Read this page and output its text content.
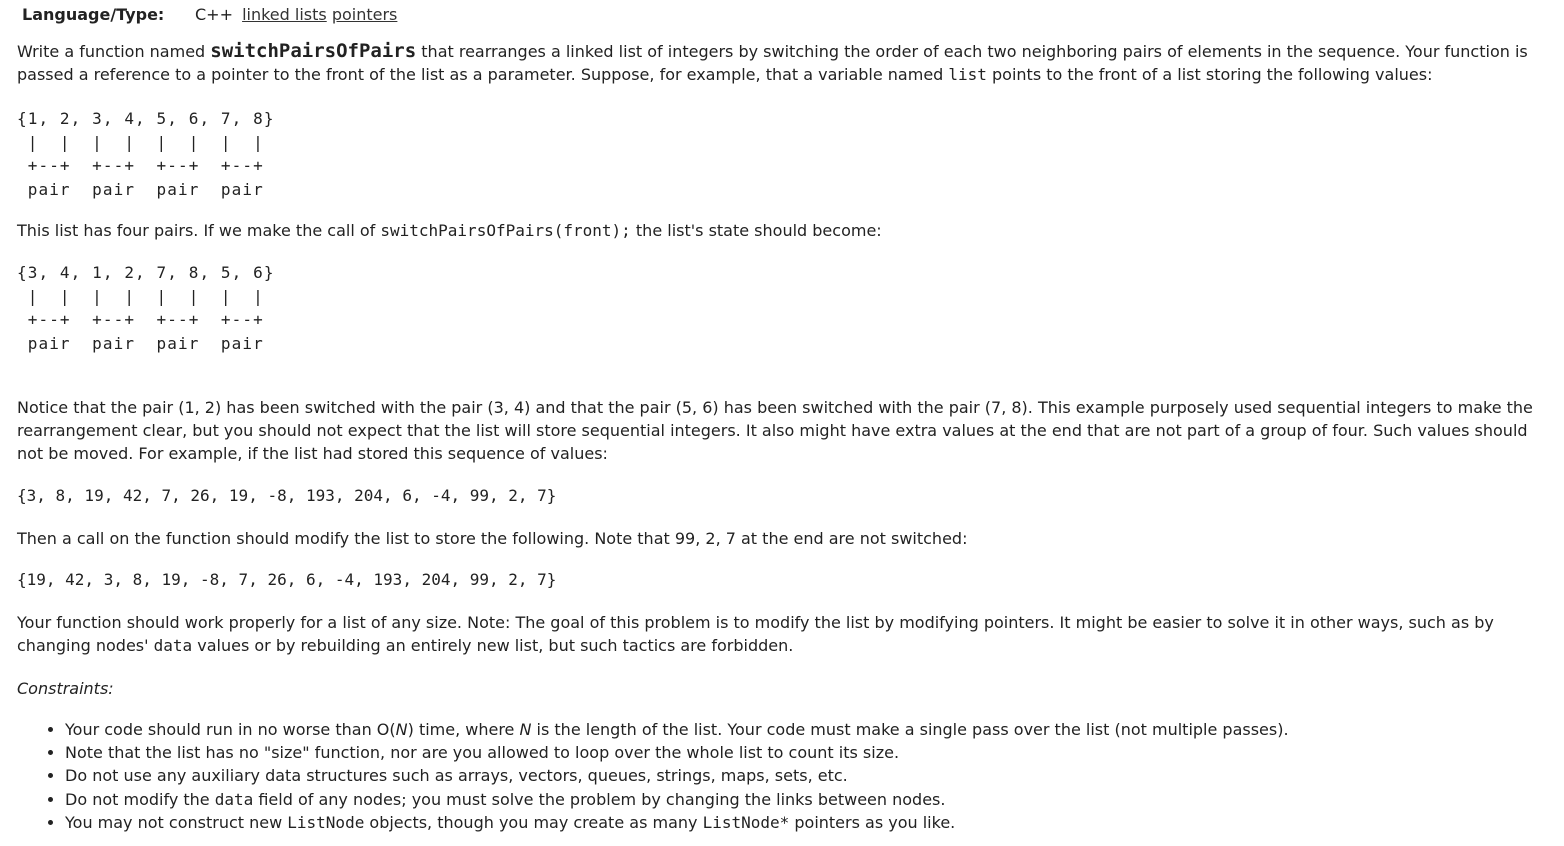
Language/Type: C++ linked lists pointers

Write a function named switchPairsOfPairs that rearranges a linked list of integers by switching the order of each two neighboring pairs of elements in the sequence. Your function is passed a reference to a pointer to the front of the list as a parameter. Suppose, for example, that a variable named list points to the front of a list storing the following values:

{1, 2, 3, 4, 5, 6, 7, 8}
|  |  |  |  |  |  |  |
+--+  +--+  +--+  +--+
pair  pair  pair  pair

This list has four pairs. If we make the call of switchPairsOfPairs(front); the list's state should become:

{3, 4, 1, 2, 7, 8, 5, 6}
|  |  |  |  |  |  |  |
+--+  +--+  +--+  +--+
pair  pair  pair  pair

Notice that the pair (1, 2) has been switched with the pair (3, 4) and that the pair (5, 6) has been switched with the pair (7, 8). This example purposely used sequential integers to make the rearrangement clear, but you should not expect that the list will store sequential integers. It also might have extra values at the end that are not part of a group of four. Such values should not be moved. For example, if the list had stored this sequence of values:

{3, 8, 19, 42, 7, 26, 19, -8, 193, 204, 6, -4, 99, 2, 7}

Then a call on the function should modify the list to store the following. Note that 99, 2, 7 at the end are not switched:

{19, 42, 3, 8, 19, -8, 7, 26, 6, -4, 193, 204, 99, 2, 7}

Your function should work properly for a list of any size. Note: The goal of this problem is to modify the list by modifying pointers. It might be easier to solve it in other ways, such as by changing nodes' data values or by rebuilding an entirely new list, but such tactics are forbidden.

Constraints:

• Your code should run in no worse than O(N) time, where N is the length of the list. Your code must make a single pass over the list (not multiple passes).
• Note that the list has no "size" function, nor are you allowed to loop over the whole list to count its size.
• Do not use any auxiliary data structures such as arrays, vectors, queues, strings, maps, sets, etc.
• Do not modify the data field of any nodes; you must solve the problem by changing the links between nodes.
• You may not construct new ListNode objects, though you may create as many ListNode* pointers as you like.
